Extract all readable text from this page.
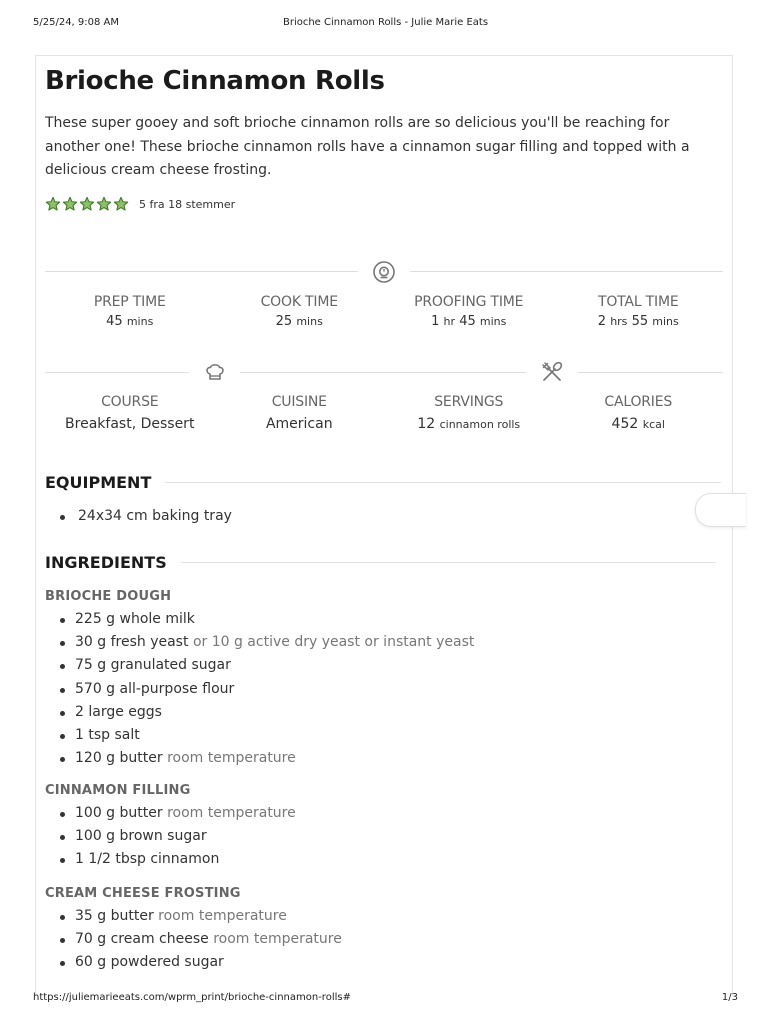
5/25/24, 9:08 AM	Brioche Cinnamon Rolls - Julie Marie Eats
Brioche Cinnamon Rolls

These super gooey and soft brioche cinnamon rolls are so delicious you'll be reaching for another one! These brioche cinnamon rolls have a cinnamon sugar filling and topped with a delicious cream cheese frosting.

5 fra 18 stemmer
PREP TIME
45 mins
COOK TIME
25 mins
PROOFING TIME
1 hr 45 mins
TOTAL TIME
2 hrs 55 mins
COURSE
Breakfast, Dessert
CUISINE
American
SERVINGS
12 cinnamon rolls
CALORIES
452 kcal
EQUIPMENT
24x34 cm baking tray
INGREDIENTS
BRIOCHE DOUGH
225 g whole milk
30 g fresh yeast or 10 g active dry yeast or instant yeast
75 g granulated sugar
570 g all-purpose flour
2 large eggs
1 tsp salt
120 g butter room temperature
CINNAMON FILLING
100 g butter room temperature
100 g brown sugar
1 1/2 tbsp cinnamon
CREAM CHEESE FROSTING
35 g butter room temperature
70 g cream cheese room temperature
60 g powdered sugar
https://juliemarieeats.com/wprm_print/brioche-cinnamon-rolls#	1/3
